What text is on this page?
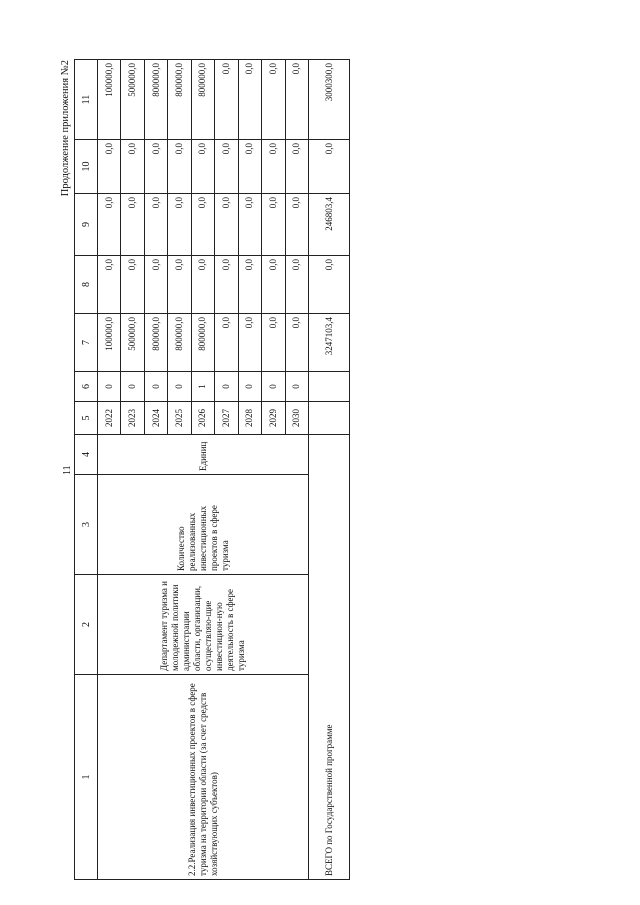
Продолжение приложения №2
11
1	2	3	4	5	6	7	8	9	10	11
2.2.Реализация инвестиционных проектов в сфере туризма на территории области (за счет средств хозяйствующих субъектов)	Департамент туризма и молодежной политики администрации области, организации, осуществляю-щие инвестицион-ную деятельность в сфере туризма	Количество реализованных инвестиционных проектов в сфере туризма	Единиц	2022	0	100000,0	0,0	0,0	0,0	100000,0
				2023	0	500000,0	0,0	0,0	0,0	500000,0
				2024	0	800000,0	0,0	0,0	0,0	800000,0
				2025	0	800000,0	0,0	0,0	0,0	800000,0
				2026	1	800000,0	0,0	0,0	0,0	800000,0
				2027	0	0,0	0,0	0,0	0,0	0,0
				2028	0	0,0	0,0	0,0	0,0	0,0
				2029	0	0,0	0,0	0,0	0,0	0,0
				2030	0	0,0	0,0	0,0	0,0	0,0
ВСЕГО по Государственной программе						3247103,4	0,0	246803,4	0,0	3000300,0
